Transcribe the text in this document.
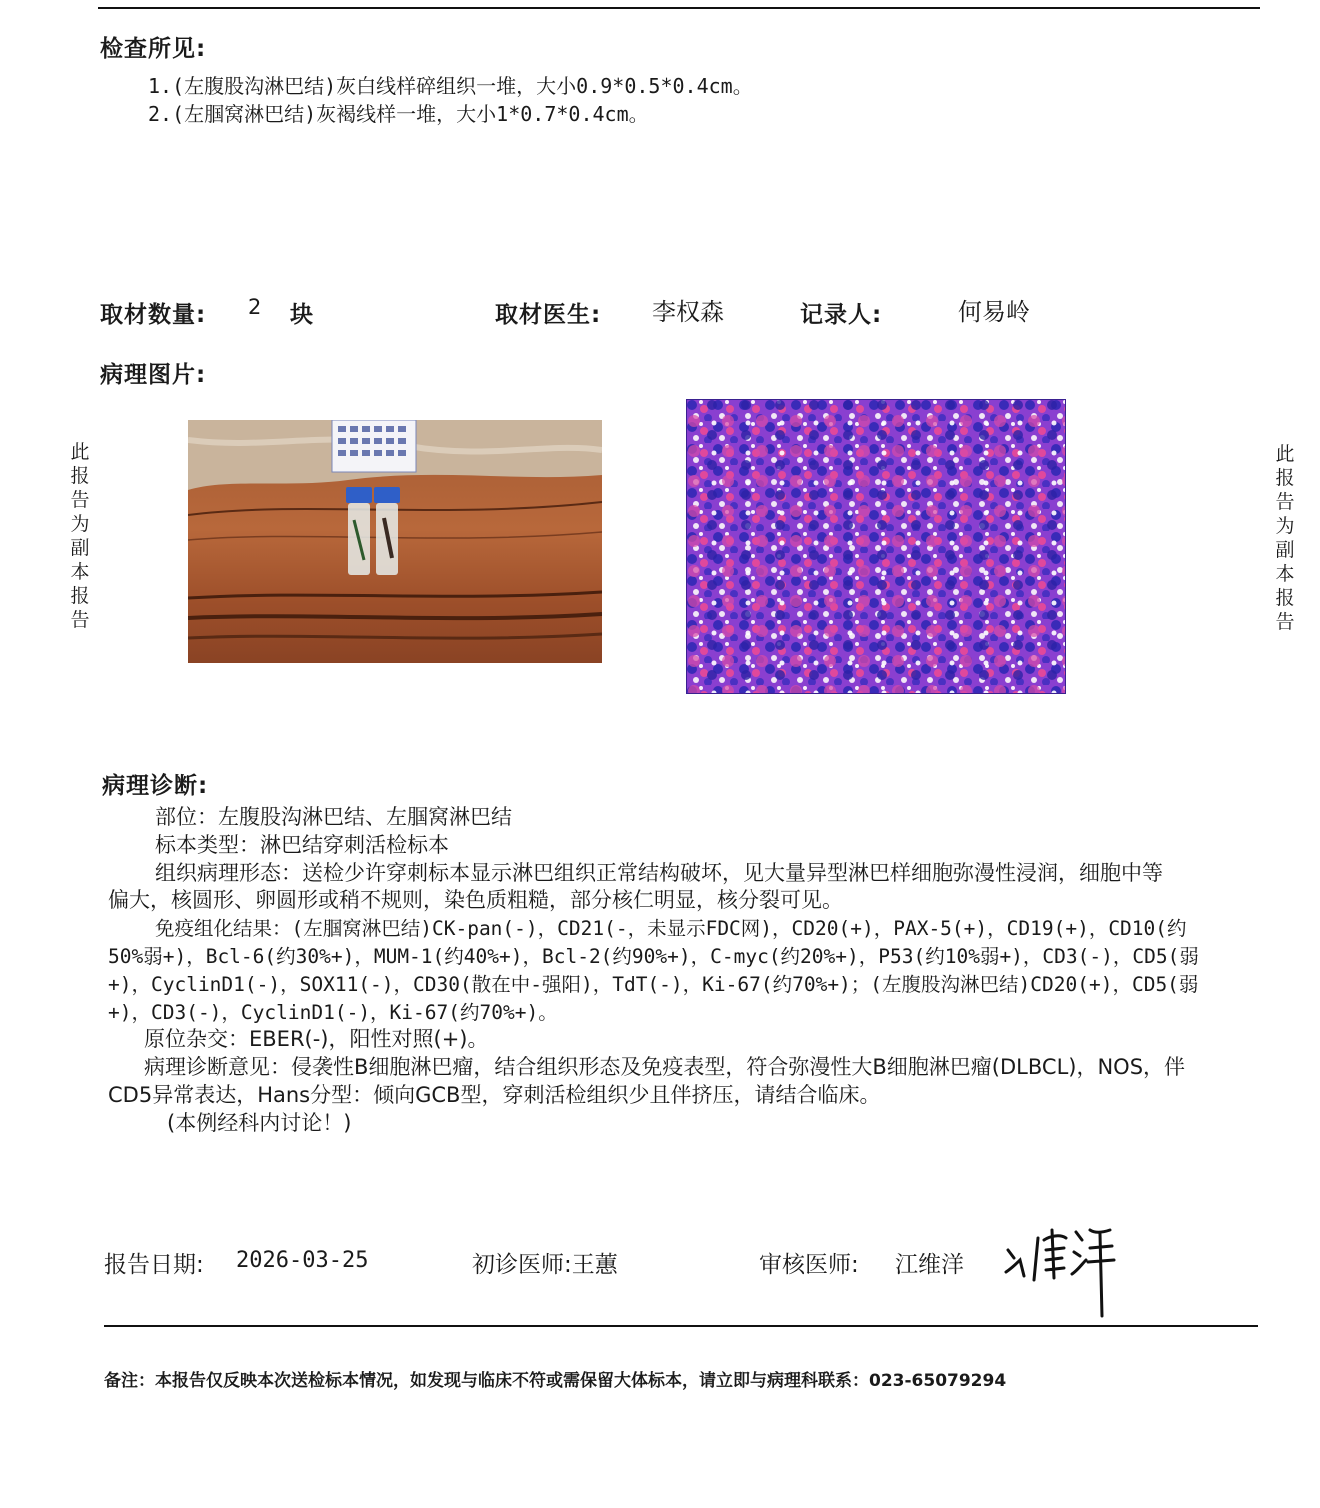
检查所见:
1.(左腹股沟淋巴结)灰白线样碎组织一堆，大小0.9*0.5*0.4cm。
2.(左腘窝淋巴结)灰褐线样一堆，大小1*0.7*0.4cm。
取材数量: 2 块	取材医生: 李权森	记录人:	何易岭
病理图片:
此报告为副本报告
此报告为副本报告
病理诊断:
部位：左腹股沟淋巴结、左腘窝淋巴结
标本类型：淋巴结穿刺活检标本
组织病理形态：送检少许穿刺标本显示淋巴组织正常结构破坏，见大量异型淋巴样细胞弥漫性浸润，细胞中等
偏大，核圆形、卵圆形或稍不规则，染色质粗糙，部分核仁明显，核分裂可见。
免疫组化结果：(左腘窝淋巴结)CK-pan(-)，CD21(-，未显示FDC网)，CD20(+)，PAX-5(+)，CD19(+)，CD10(约
50%弱+)，Bcl-6(约30%+)，MUM-1(约40%+)，Bcl-2(约90%+)，C-myc(约20%+)，P53(约10%弱+)，CD3(-)，CD5(弱
+)，CyclinD1(-)，SOX11(-)，CD30(散在中-强阳)，TdT(-)，Ki-67(约70%+)；(左腹股沟淋巴结)CD20(+)，CD5(弱
+)，CD3(-)，CyclinD1(-)，Ki-67(约70%+)。
原位杂交：EBER(-)，阳性对照(+)。
病理诊断意见：侵袭性B细胞淋巴瘤，结合组织形态及免疫表型，符合弥漫性大B细胞淋巴瘤(DLBCL)，NOS，伴
CD5异常表达，Hans分型：倾向GCB型，穿刺活检组织少且伴挤压，请结合临床。
(本例经科内讨论！)
报告日期: 2026-03-25	初诊医师:王蕙	审核医师: 江维洋
备注：本报告仅反映本次送检标本情况，如发现与临床不符或需保留大体标本，请立即与病理科联系：023-65079294
